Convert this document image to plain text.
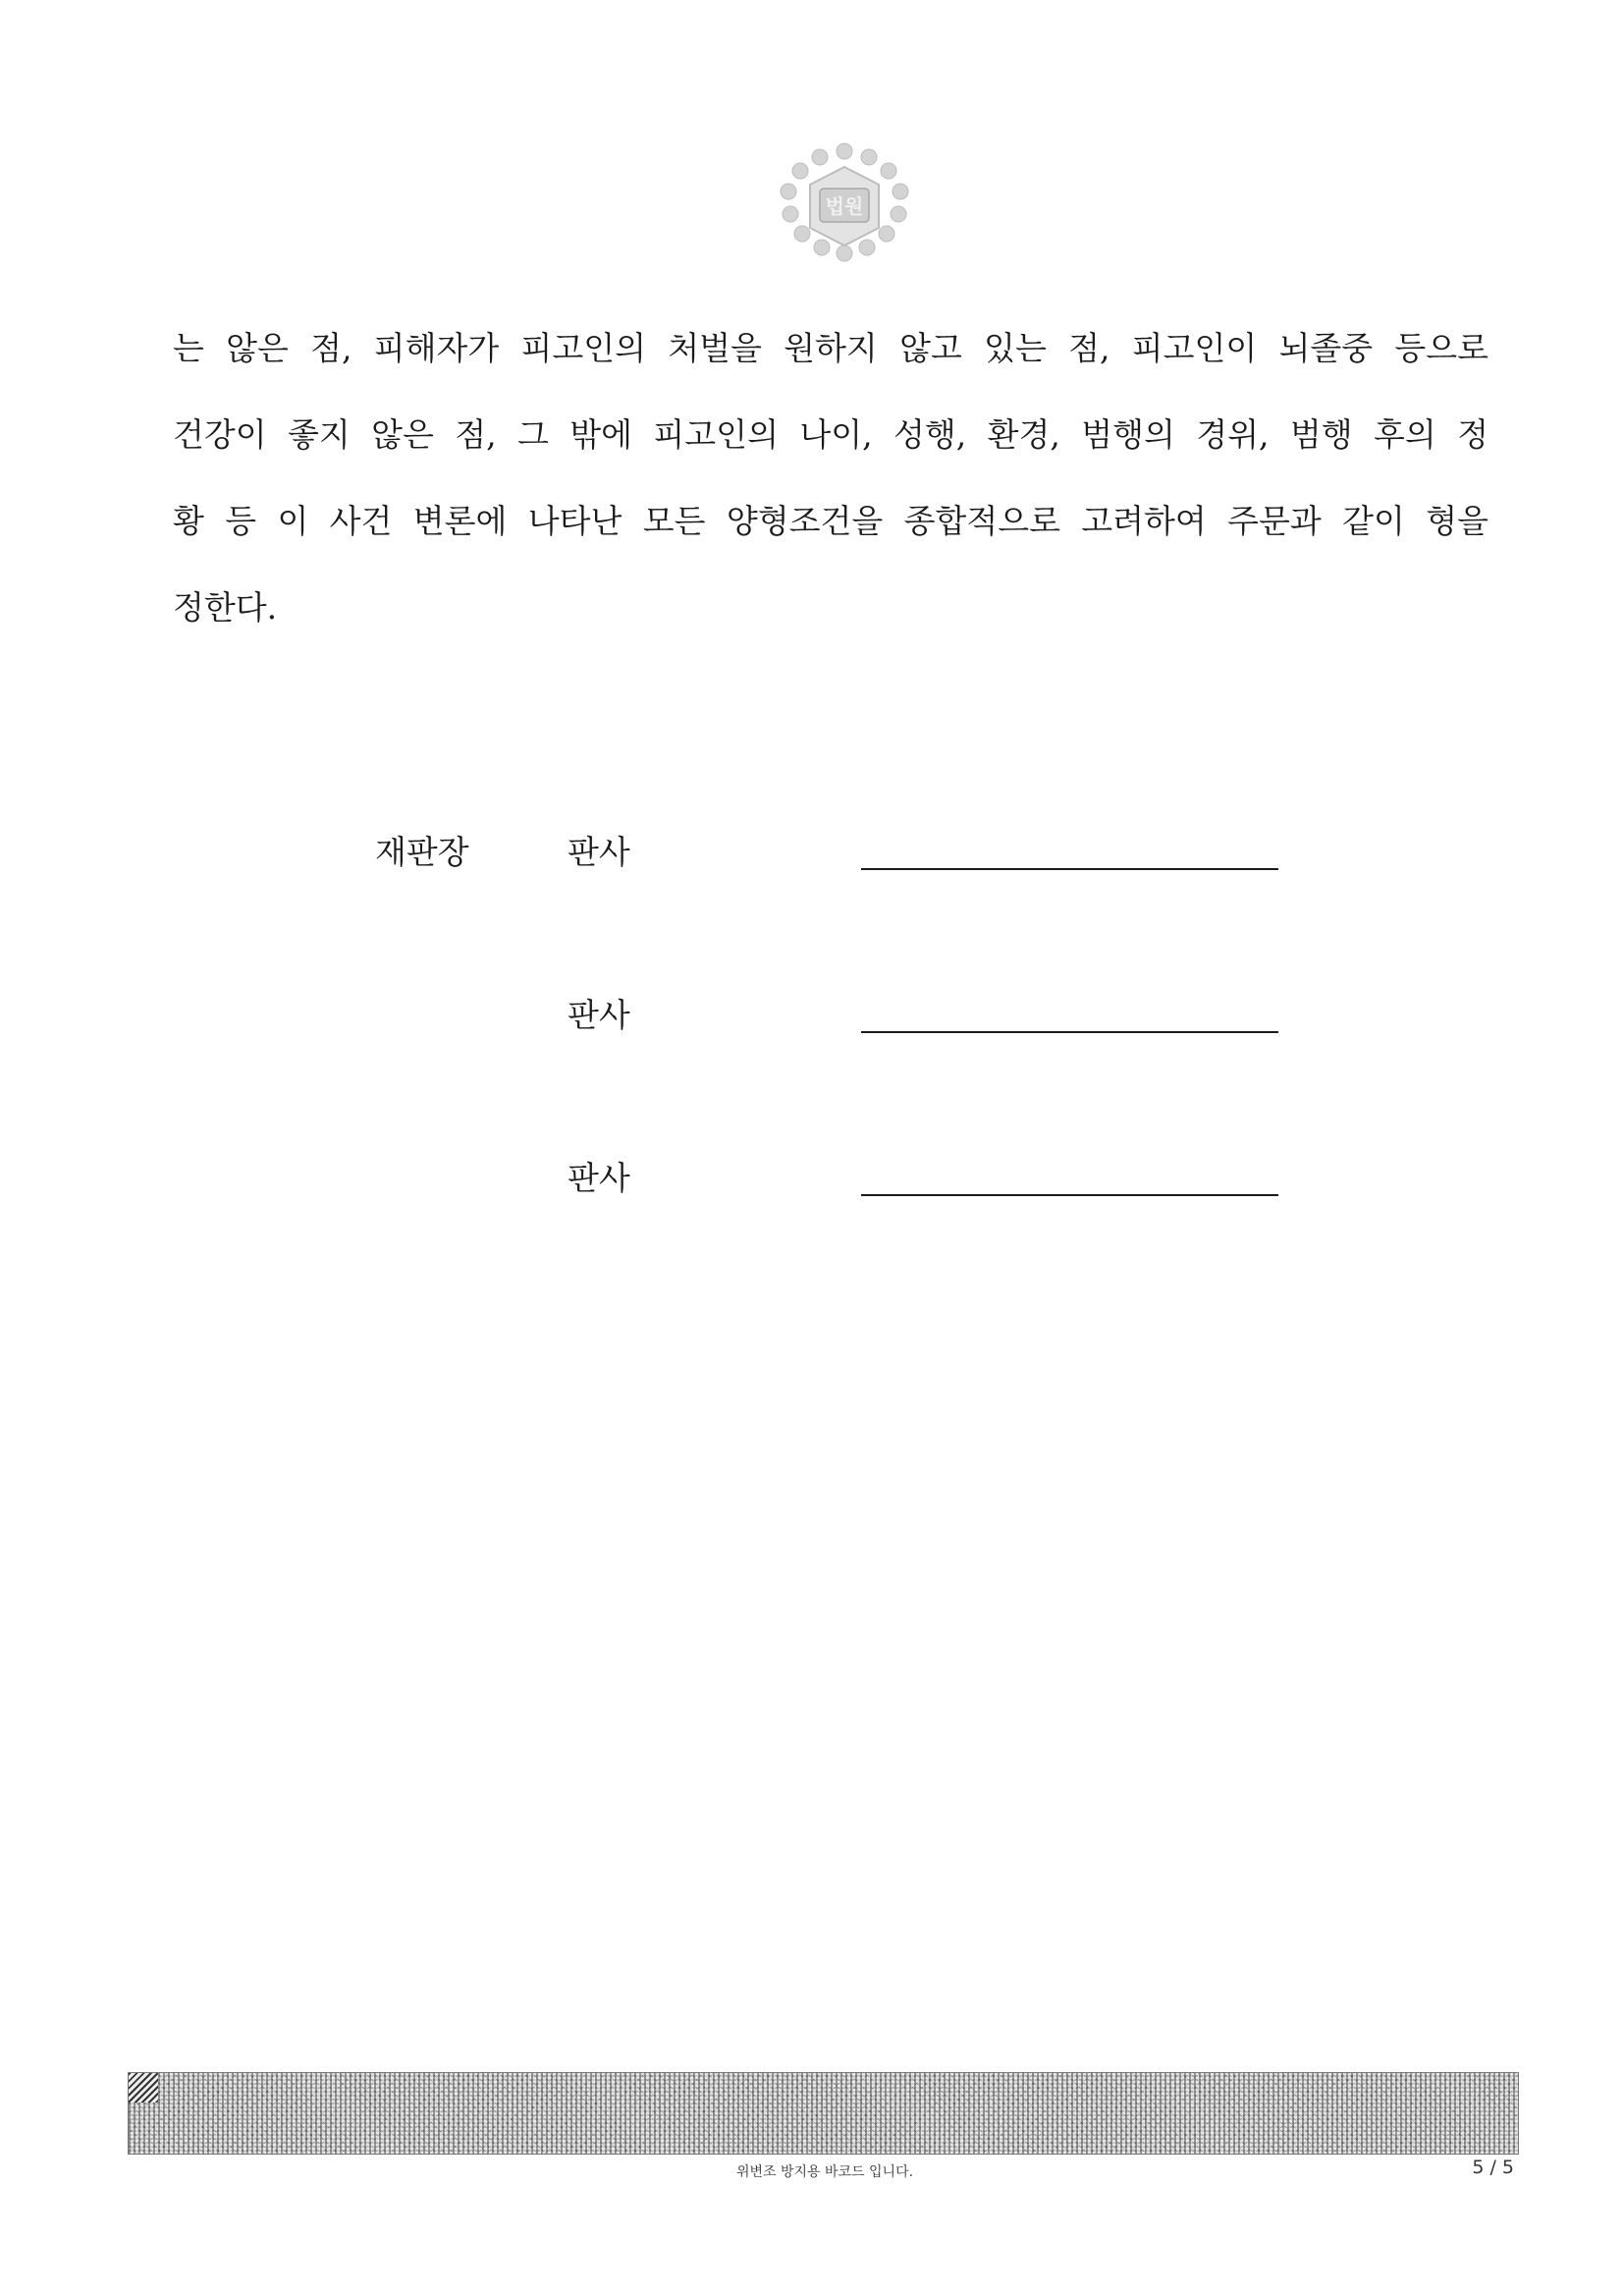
법원

는 않은 점, 피해자가 피고인의 처벌을 원하지 않고 있는 점, 피고인이 뇌졸중 등으로

건강이 좋지 않은 점, 그 밖에 피고인의 나이, 성행, 환경, 범행의 경위, 범행 후의 정

황 등 이 사건 변론에 나타난 모든 양형조건을 종합적으로 고려하여 주문과 같이 형을

정한다.

재판장	판사
판사
판사
위변조 방지용 바코드 입니다.	5 / 5
